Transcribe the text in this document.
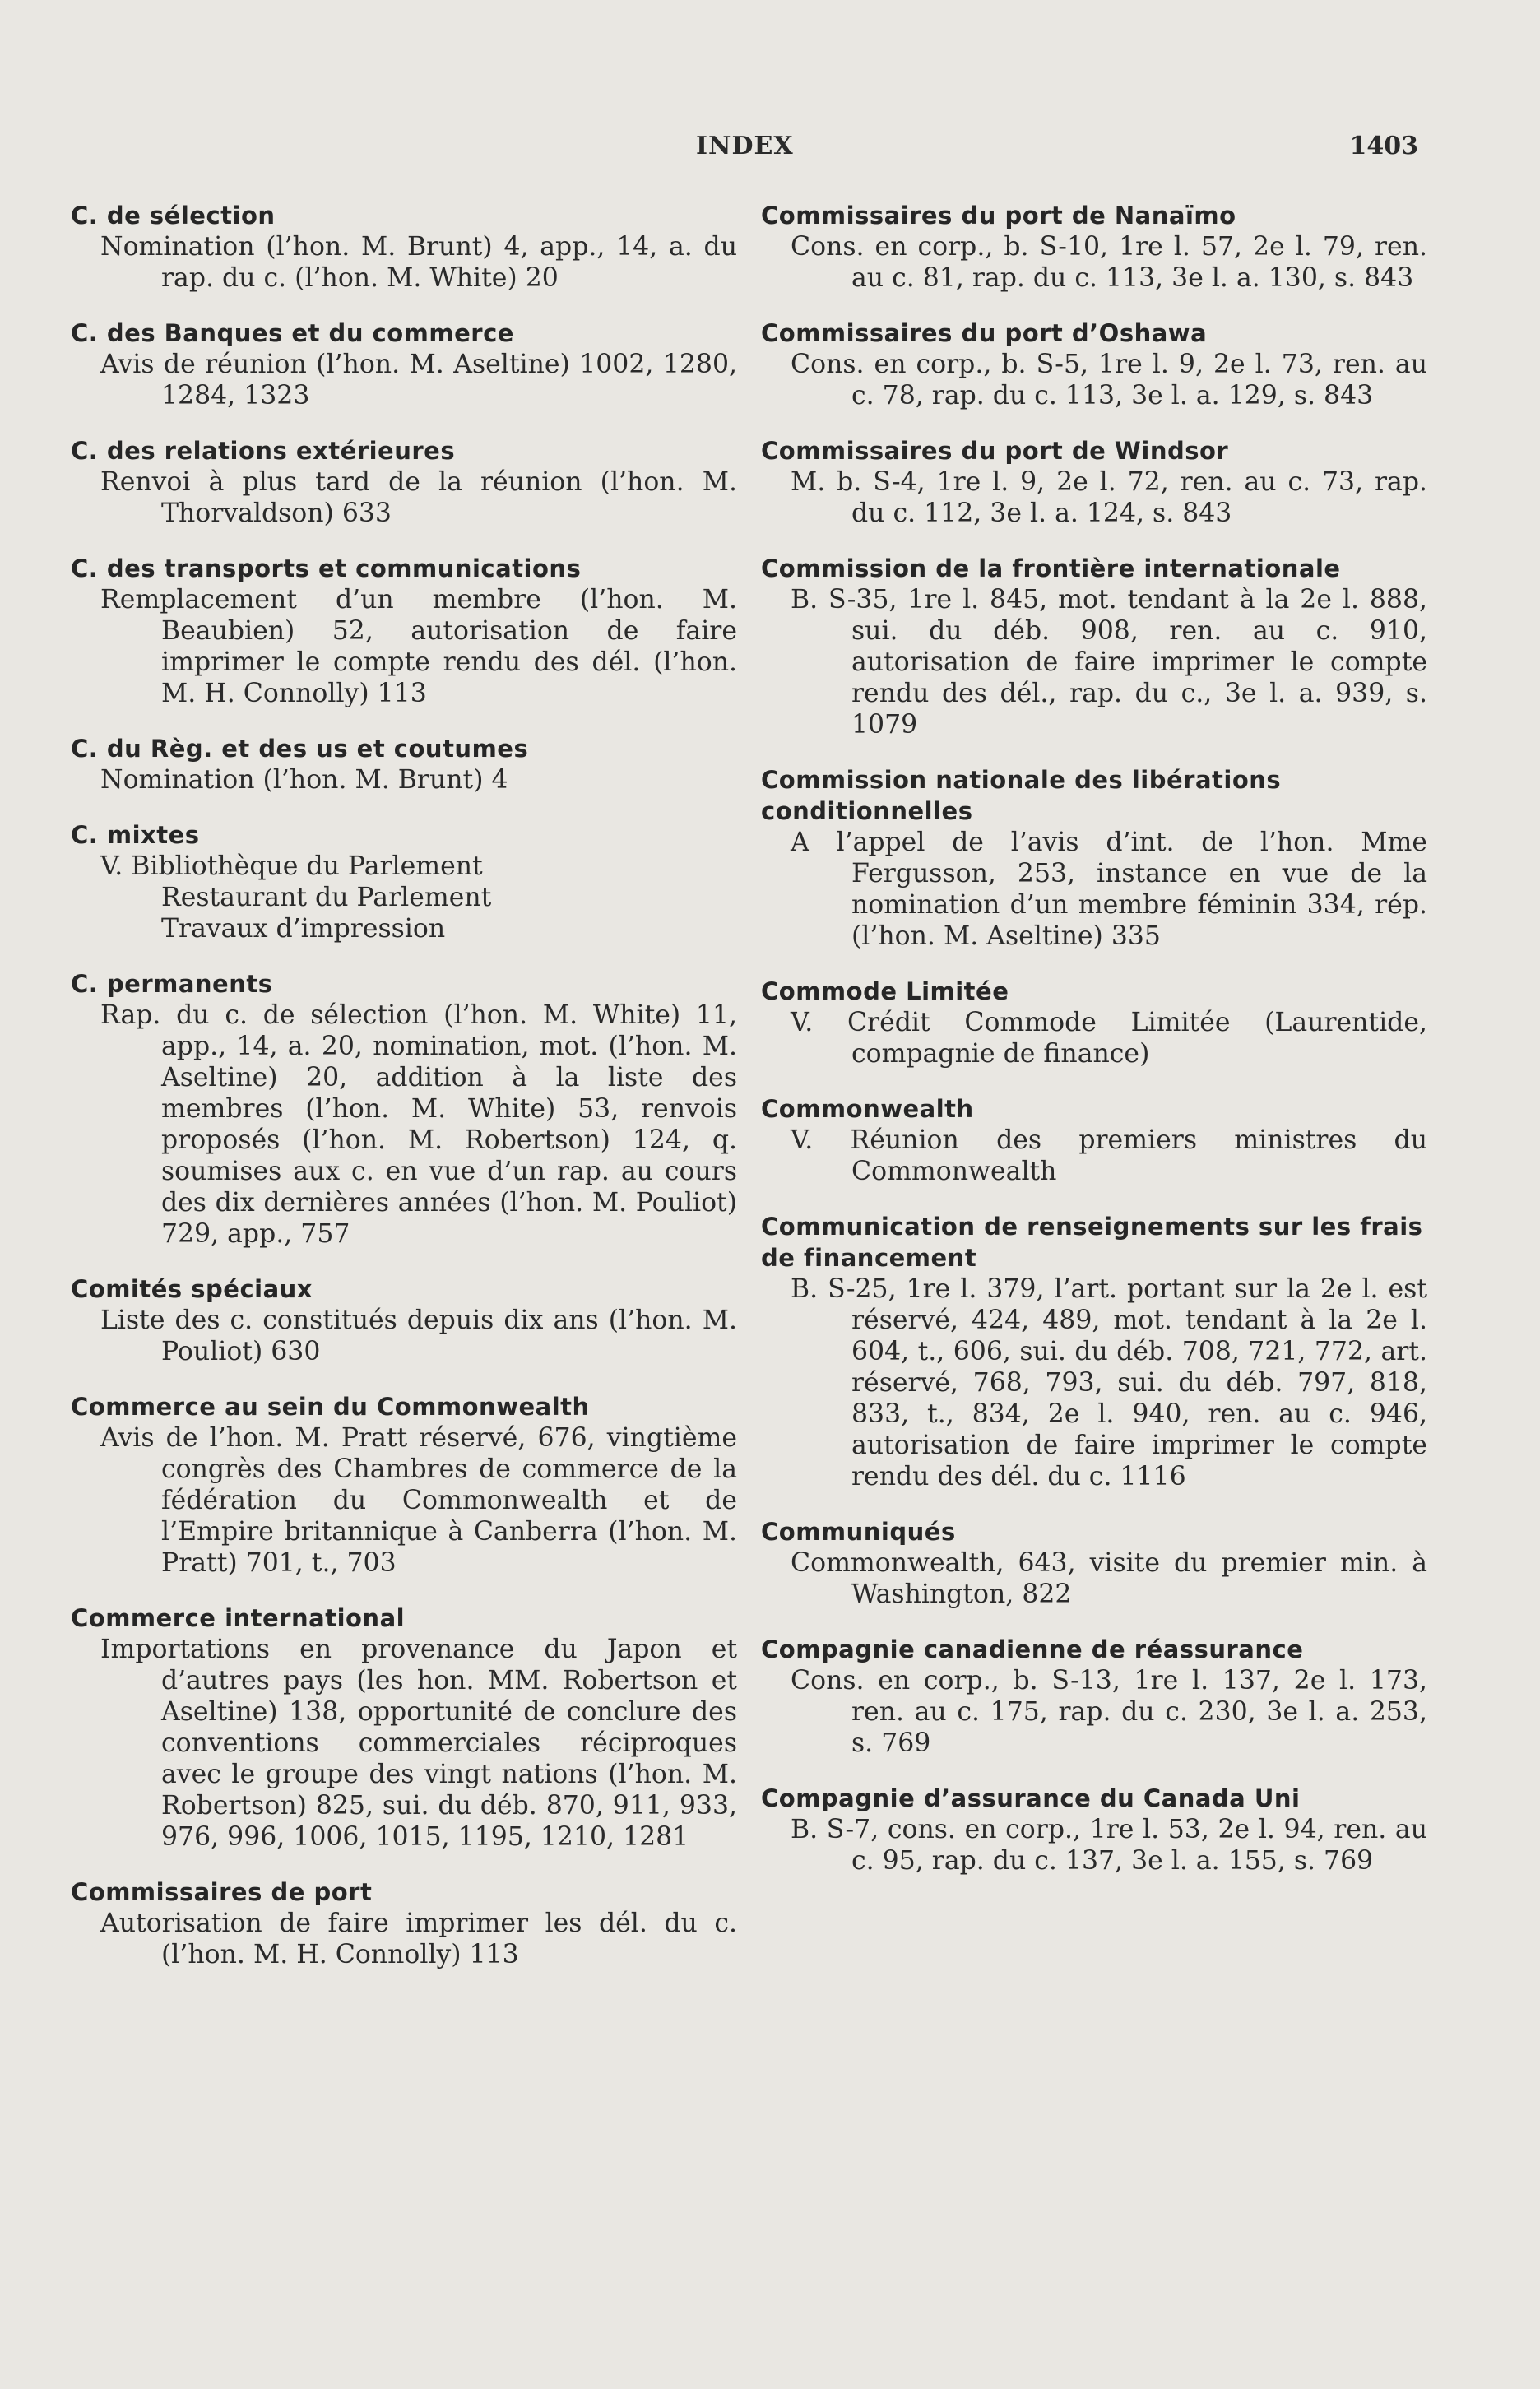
INDEX	1403

C. de sélection

Nomination (l’hon. M. Brunt) 4, app., 14, a. du rap. du c. (l’hon. M. White) 20

C. des Banques et du commerce

Avis de réunion (l’hon. M. Aseltine) 1002, 1280, 1284, 1323

C. des relations extérieures

Renvoi à plus tard de la réunion (l’hon. M. Thorvaldson) 633

C. des transports et communications

Remplacement d’un membre (l’hon. M. Beaubien) 52, autorisation de faire imprimer le compte rendu des dél. (l’hon. M. H. Connolly) 113

C. du Règ. et des us et coutumes

Nomination (l’hon. M. Brunt) 4

C. mixtes

V. Bibliothèque du Parlement
Restaurant du Parlement
Travaux d’impression

C. permanents

Rap. du c. de sélection (l’hon. M. White) 11, app., 14, a. 20, nomination, mot. (l’hon. M. Aseltine) 20, addition à la liste des membres (l’hon. M. White) 53, renvois proposés (l’hon. M. Robertson) 124, q. soumises aux c. en vue d’un rap. au cours des dix dernières années (l’hon. M. Pouliot) 729, app., 757

Comités spéciaux

Liste des c. constitués depuis dix ans (l’hon. M. Pouliot) 630

Commerce au sein du Commonwealth

Avis de l’hon. M. Pratt réservé, 676, vingtième congrès des Chambres de commerce de la fédération du Commonwealth et de l’Empire britannique à Canberra (l’hon. M. Pratt) 701, t., 703

Commerce international

Importations en provenance du Japon et d’autres pays (les hon. MM. Robertson et Aseltine) 138, opportunité de conclure des conventions commerciales réciproques avec le groupe des vingt nations (l’hon. M. Robertson) 825, sui. du déb. 870, 911, 933, 976, 996, 1006, 1015, 1195, 1210, 1281

Commissaires de port

Autorisation de faire imprimer les dél. du c. (l’hon. M. H. Connolly) 113

Commissaires du port de Nanaïmo

Cons. en corp., b. S-10, 1re l. 57, 2e l. 79, ren. au c. 81, rap. du c. 113, 3e l. a. 130, s. 843

Commissaires du port d’Oshawa

Cons. en corp., b. S-5, 1re l. 9, 2e l. 73, ren. au c. 78, rap. du c. 113, 3e l. a. 129, s. 843

Commissaires du port de Windsor

M. b. S-4, 1re l. 9, 2e l. 72, ren. au c. 73, rap. du c. 112, 3e l. a. 124, s. 843

Commission de la frontière internationale

B. S-35, 1re l. 845, mot. tendant à la 2e l. 888, sui. du déb. 908, ren. au c. 910, autorisation de faire imprimer le compte rendu des dél., rap. du c., 3e l. a. 939, s. 1079

Commission nationale des libérations conditionnelles

A l’appel de l’avis d’int. de l’hon. Mme Fergusson, 253, instance en vue de la nomination d’un membre féminin 334, rép. (l’hon. M. Aseltine) 335

Commode Limitée

V. Crédit Commode Limitée (Laurentide, compagnie de finance)

Commonwealth

V. Réunion des premiers ministres du Commonwealth

Communication de renseignements sur les frais de financement

B. S-25, 1re l. 379, l’art. portant sur la 2e l. est réservé, 424, 489, mot. tendant à la 2e l. 604, t., 606, sui. du déb. 708, 721, 772, art. réservé, 768, 793, sui. du déb. 797, 818, 833, t., 834, 2e l. 940, ren. au c. 946, autorisation de faire imprimer le compte rendu des dél. du c. 1116

Communiqués

Commonwealth, 643, visite du premier min. à Washington, 822

Compagnie canadienne de réassurance

Cons. en corp., b. S-13, 1re l. 137, 2e l. 173, ren. au c. 175, rap. du c. 230, 3e l. a. 253, s. 769

Compagnie d’assurance du Canada Uni

B. S-7, cons. en corp., 1re l. 53, 2e l. 94, ren. au c. 95, rap. du c. 137, 3e l. a. 155, s. 769
